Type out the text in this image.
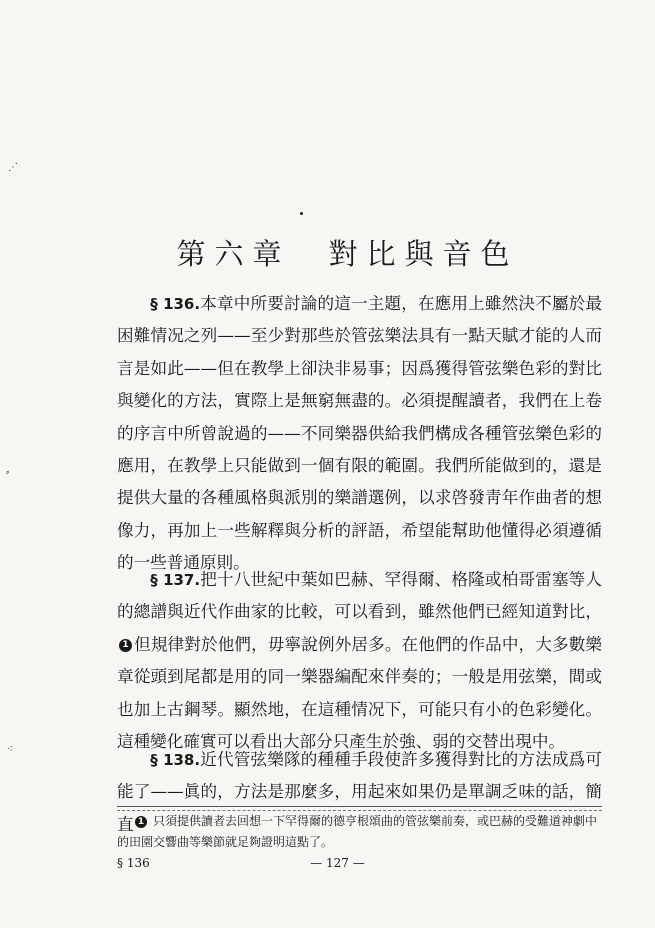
⋰
⸗
⁖
第六章　對比與音色

§ 136.本章中所要討論的這一主題，在應用上雖然決不屬於最困難情况之列——至少對那些於管弦樂法具有一點天賦才能的人而言是如此——但在教學上卻決非易事；因爲獲得管弦樂色彩的對比與變化的方法，實際上是無窮無盡的。必須提醒讀者，我們在上卷的序言中所曾說過的——不同樂器供給我們構成各種管弦樂色彩的應用，在教學上只能做到一個有限的範圍。我們所能做到的，還是提供大量的各種風格與派別的樂譜選例，以求啓發靑年作曲者的想像力，再加上一些解釋與分析的評語，希望能幫助他懂得必須遵循的一些普通原則。

§ 137.把十八世紀中葉如巴赫、罕得爾、格隆或柏哥雷塞等人的總譜與近代作曲家的比較，可以看到，雖然他們已經知道對比，1 但規律對於他們，毋寧說例外居多。在他們的作品中，大多數樂章從頭到尾都是用的同一樂器編配來伴奏的；一般是用弦樂，間或也加上古鋼琴。顯然地，在這種情况下，可能只有小的色彩變化。這種變化確實可以看出大部分只產生於強、弱的交替出現中。

§ 138.近代管弦樂隊的種種手段使許多獲得對比的方法成爲可能了——眞的，方法是那麼多，用起來如果仍是單調乏味的話，簡直 1 只須提供讀者去回想一下罕得爾的德亨根頌曲的管弦樂前奏，或巴赫的受難道神劇中的田園交響曲等樂節就足夠證明這點了。

§ 136	— 127 —
